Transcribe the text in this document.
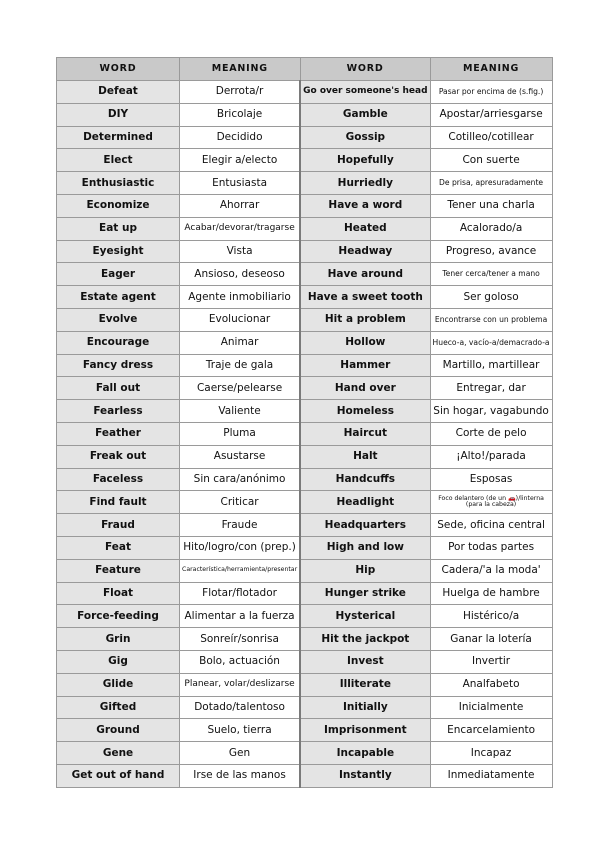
WORD	MEANING	WORD	MEANING
Defeat	Derrota/r	Go over someone's head	Pasar por encima de (s.fig.)
DIY	Bricolaje	Gamble	Apostar/arriesgarse
Determined	Decidido	Gossip	Cotilleo/cotillear
Elect	Elegir a/electo	Hopefully	Con suerte
Enthusiastic	Entusiasta	Hurriedly	De prisa, apresuradamente
Economize	Ahorrar	Have a word	Tener una charla
Eat up	Acabar/devorar/tragarse	Heated	Acalorado/a
Eyesight	Vista	Headway	Progreso, avance
Eager	Ansioso, deseoso	Have around	Tener cerca/tener a mano
Estate agent	Agente inmobiliario	Have a sweet tooth	Ser goloso
Evolve	Evolucionar	Hit a problem	Encontrarse con un problema
Encourage	Animar	Hollow	Hueco-a, vacío-a/demacrado-a
Fancy dress	Traje de gala	Hammer	Martillo, martillear
Fall out	Caerse/pelearse	Hand over	Entregar, dar
Fearless	Valiente	Homeless	Sin hogar, vagabundo
Feather	Pluma	Haircut	Corte de pelo
Freak out	Asustarse	Halt	¡Alto!/parada
Faceless	Sin cara/anónimo	Handcuffs	Esposas
Find fault	Criticar	Headlight	Foco delantero (de un 🚗)/linterna (para la cabeza)
Fraud	Fraude	Headquarters	Sede, oficina central
Feat	Hito/logro/con (prep.)	High and low	Por todas partes
Feature	Característica/herramienta/presentar	Hip	Cadera/'a la moda'
Float	Flotar/flotador	Hunger strike	Huelga de hambre
Force-feeding	Alimentar a la fuerza	Hysterical	Histérico/a
Grin	Sonreír/sonrisa	Hit the jackpot	Ganar la lotería
Gig	Bolo, actuación	Invest	Invertir
Glide	Planear, volar/deslizarse	Illiterate	Analfabeto
Gifted	Dotado/talentoso	Initially	Inicialmente
Ground	Suelo, tierra	Imprisonment	Encarcelamiento
Gene	Gen	Incapable	Incapaz
Get out of hand	Irse de las manos	Instantly	Inmediatamente
